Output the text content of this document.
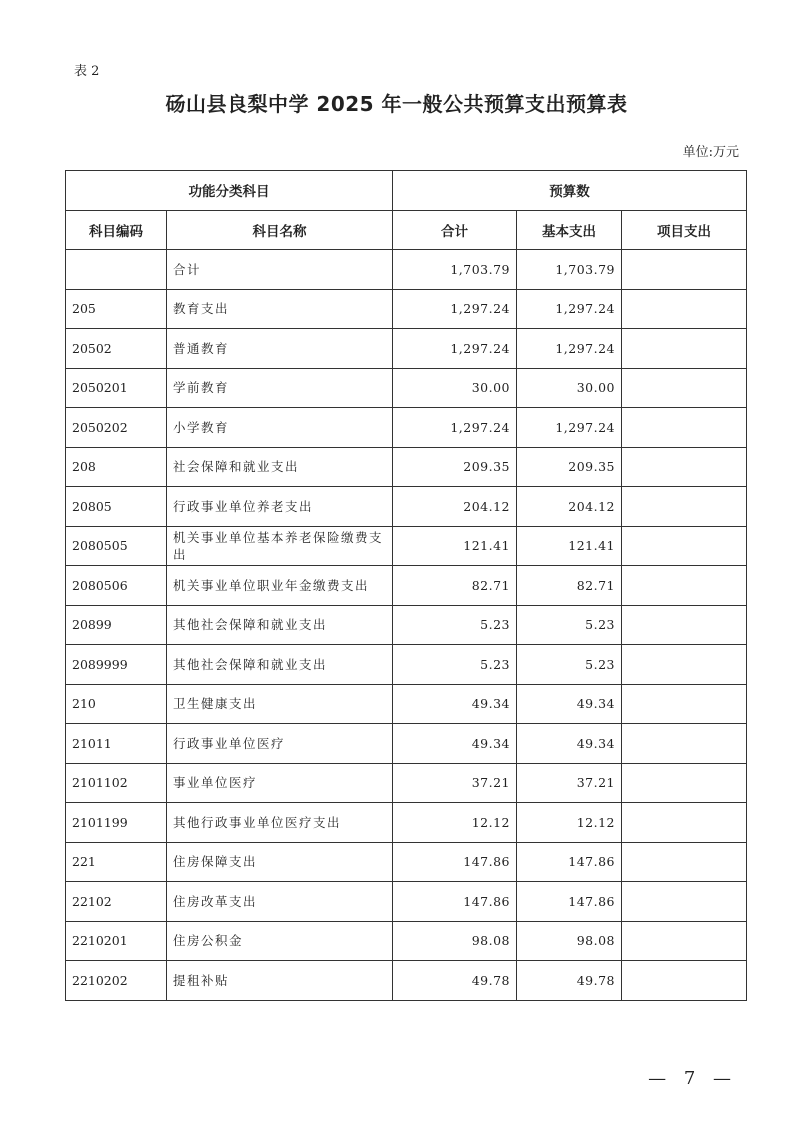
表 2
砀山县良梨中学 2025 年一般公共预算支出预算表
单位:万元
功能分类科目		预算数		
科目编码	科目名称	合计	基本支出	项目支出
	合计	1,703.79	1,703.79	
205	教育支出	1,297.24	1,297.24	
20502	普通教育	1,297.24	1,297.24	
2050201	学前教育	30.00	30.00	
2050202	小学教育	1,297.24	1,297.24	
208	社会保障和就业支出	209.35	209.35	
20805	行政事业单位养老支出	204.12	204.12	
2080505	机关事业单位基本养老保险缴费支出	121.41	121.41	
2080506	机关事业单位职业年金缴费支出	82.71	82.71	
20899	其他社会保障和就业支出	5.23	5.23	
2089999	其他社会保障和就业支出	5.23	5.23	
210	卫生健康支出	49.34	49.34	
21011	行政事业单位医疗	49.34	49.34	
2101102	事业单位医疗	37.21	37.21	
2101199	其他行政事业单位医疗支出	12.12	12.12	
221	住房保障支出	147.86	147.86	
22102	住房改革支出	147.86	147.86	
2210201	住房公积金	98.08	98.08	
2210202	提租补贴	49.78	49.78	
— 7 —
